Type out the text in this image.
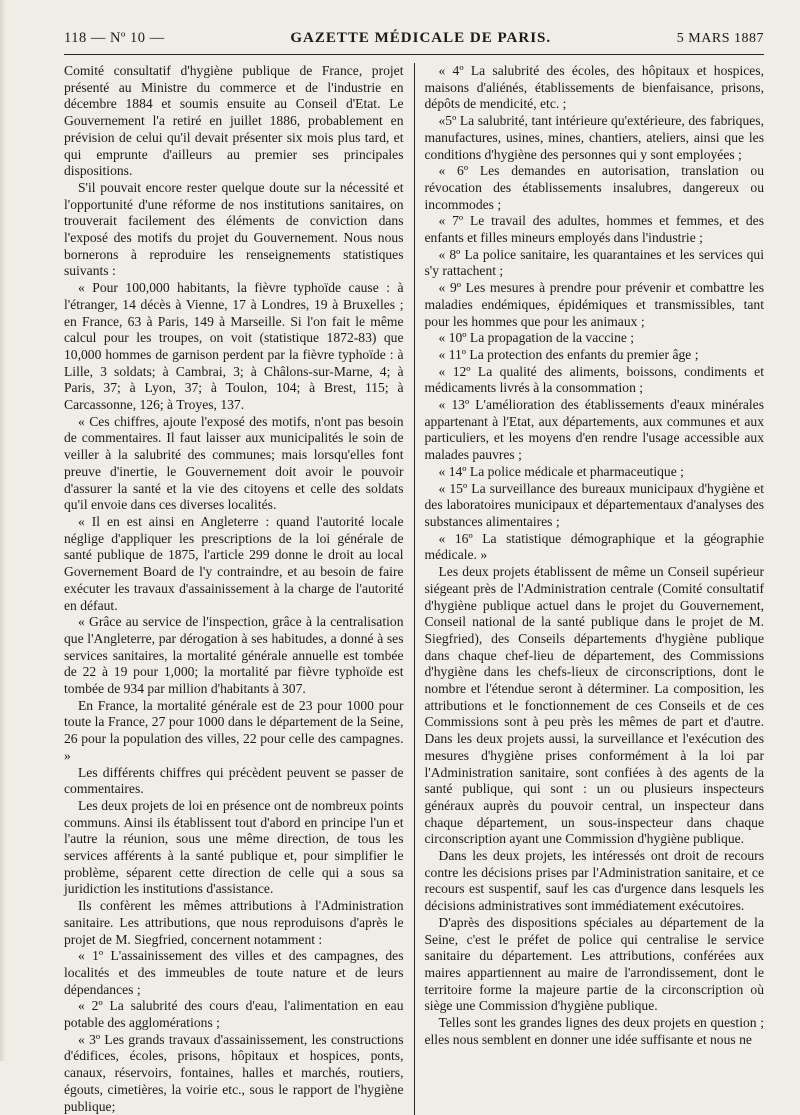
118 — Nº 10 —	GAZETTE MÉDICALE DE PARIS.	5 MARS 1887

Comité consultatif d'hygiène publique de France, projet présenté au Ministre du commerce et de l'industrie en décembre 1884 et soumis ensuite au Conseil d'Etat. Le Gouvernement l'a retiré en juillet 1886, probablement en prévision de celui qu'il devait présenter six mois plus tard, et qui emprunte d'ailleurs au premier ses principales dispositions.

S'il pouvait encore rester quelque doute sur la nécessité et l'opportunité d'une réforme de nos institutions sanitaires, on trouverait facilement des éléments de conviction dans l'exposé des motifs du projet du Gouvernement. Nous nous bornerons à reproduire les renseignements statistiques suivants :

« Pour 100,000 habitants, la fièvre typhoïde cause : à l'étranger, 14 décès à Vienne, 17 à Londres, 19 à Bruxelles ; en France, 63 à Paris, 149 à Marseille. Si l'on fait le même calcul pour les troupes, on voit (statistique 1872-83) que 10,000 hommes de garnison perdent par la fièvre typhoïde : à Lille, 3 soldats; à Cambrai, 3; à Châlons-sur-Marne, 4; à Paris, 37; à Lyon, 37; à Toulon, 104; à Brest, 115; à Carcassonne, 126; à Troyes, 137.

« Ces chiffres, ajoute l'exposé des motifs, n'ont pas besoin de commentaires. Il faut laisser aux municipalités le soin de veiller à la salubrité des communes; mais lorsqu'elles font preuve d'inertie, le Gouvernement doit avoir le pouvoir d'assurer la santé et la vie des citoyens et celle des soldats qu'il envoie dans ces diverses localités.

« Il en est ainsi en Angleterre : quand l'autorité locale néglige d'appliquer les prescriptions de la loi générale de santé publique de 1875, l'article 299 donne le droit au local Governement Board de l'y contraindre, et au besoin de faire exécuter les travaux d'assainissement à la charge de l'autorité en défaut.

« Grâce au service de l'inspection, grâce à la centralisation que l'Angleterre, par dérogation à ses habitudes, a donné à ses services sanitaires, la mortalité générale annuelle est tombée de 22 à 19 pour 1,000; la mortalité par fièvre typhoïde est tombée de 934 par million d'habitants à 307.

En France, la mortalité générale est de 23 pour 1000 pour toute la France, 27 pour 1000 dans le département de la Seine, 26 pour la population des villes, 22 pour celle des campagnes. »

Les différents chiffres qui précèdent peuvent se passer de commentaires.

Les deux projets de loi en présence ont de nombreux points communs. Ainsi ils établissent tout d'abord en principe l'un et l'autre la réunion, sous une même direction, de tous les services afférents à la santé publique et, pour simplifier le problème, séparent cette direction de celle qui a sous sa juridiction les institutions d'assistance.

Ils confèrent les mêmes attributions à l'Administration sanitaire. Les attributions, que nous reproduisons d'après le projet de M. Siegfried, concernent notamment :

« 1º L'assainissement des villes et des campagnes, des localités et des immeubles de toute nature et de leurs dépendances ;

« 2º La salubrité des cours d'eau, l'alimentation en eau potable des agglomérations ;

« 3º Les grands travaux d'assainissement, les constructions d'édifices, écoles, prisons, hôpitaux et hospices, ponts, canaux, réservoirs, fontaines, halles et marchés, routiers, égouts, cimetières, la voirie etc., sous le rapport de l'hygiène publique;

« 4º La salubrité des écoles, des hôpitaux et hospices, maisons d'aliénés, établissements de bienfaisance, prisons, dépôts de mendicité, etc. ;

«5º La salubrité, tant intérieure qu'extérieure, des fabriques, manufactures, usines, mines, chantiers, ateliers, ainsi que les conditions d'hygiène des personnes qui y sont employées ;

« 6º Les demandes en autorisation, translation ou révocation des établissements insalubres, dangereux ou incommodes ;

« 7º Le travail des adultes, hommes et femmes, et des enfants et filles mineurs employés dans l'industrie ;

« 8º La police sanitaire, les quarantaines et les services qui s'y rattachent ;

« 9º Les mesures à prendre pour prévenir et combattre les maladies endémiques, épidémiques et transmissibles, tant pour les hommes que pour les animaux ;

« 10º La propagation de la vaccine ;

« 11º La protection des enfants du premier âge ;

« 12º La qualité des aliments, boissons, condiments et médicaments livrés à la consommation ;

« 13º L'amélioration des établissements d'eaux minérales appartenant à l'Etat, aux départements, aux communes et aux particuliers, et les moyens d'en rendre l'usage accessible aux malades pauvres ;

« 14º La police médicale et pharmaceutique ;

« 15º La surveillance des bureaux municipaux d'hygiène et des laboratoires municipaux et départementaux d'analyses des substances alimentaires ;

« 16º La statistique démographique et la géographie médicale. »

Les deux projets établissent de même un Conseil supérieur siégeant près de l'Administration centrale (Comité consultatif d'hygiène publique actuel dans le projet du Gouvernement, Conseil national de la santé publique dans le projet de M. Siegfried), des Conseils départements d'hygiène publique dans chaque chef-lieu de département, des Commissions d'hygiène dans les chefs-lieux de circonscriptions, dont le nombre et l'étendue seront à déterminer. La composition, les attributions et le fonctionnement de ces Conseils et de ces Commissions sont à peu près les mêmes de part et d'autre. Dans les deux projets aussi, la surveillance et l'exécution des mesures d'hygiène prises conformément à la loi par l'Administration sanitaire, sont confiées à des agents de la santé publique, qui sont : un ou plusieurs inspecteurs généraux auprès du pouvoir central, un inspecteur dans chaque département, un sous-inspecteur dans chaque circonscription ayant une Commission d'hygiène publique.

Dans les deux projets, les intéressés ont droit de recours contre les décisions prises par l'Administration sanitaire, et ce recours est suspentif, sauf les cas d'urgence dans lesquels les décisions administratives sont immédiatement exécutoires.

D'après des dispositions spéciales au département de la Seine, c'est le préfet de police qui centralise le service sanitaire du département. Les attributions, conférées aux maires appartiennent au maire de l'arrondissement, dont le territoire forme la majeure partie de la circonscription où siège une Commission d'hygiène publique.

Telles sont les grandes lignes des deux projets en question ; elles nous semblent en donner une idée suffisante et nous ne
